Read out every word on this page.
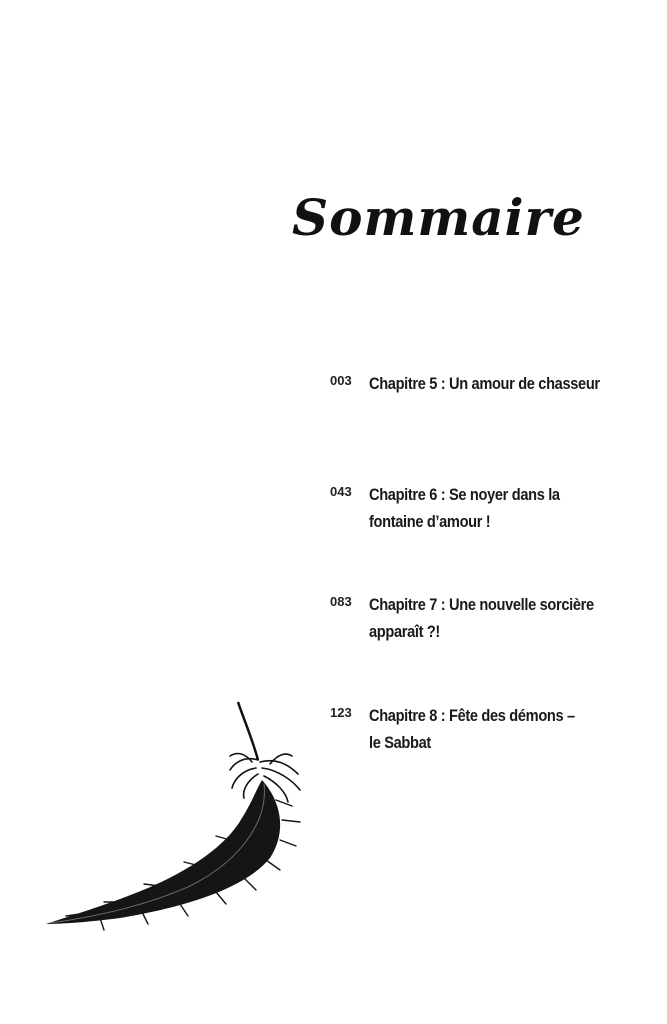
Sommaire
003 Chapitre 5 : Un amour de chasseur
043 Chapitre 6 : Se noyer dans la
fontaine d’amour !
083 Chapitre 7 : Une nouvelle sorcière
apparaît ?!
123 Chapitre 8 : Fête des démons –
le Sabbat
